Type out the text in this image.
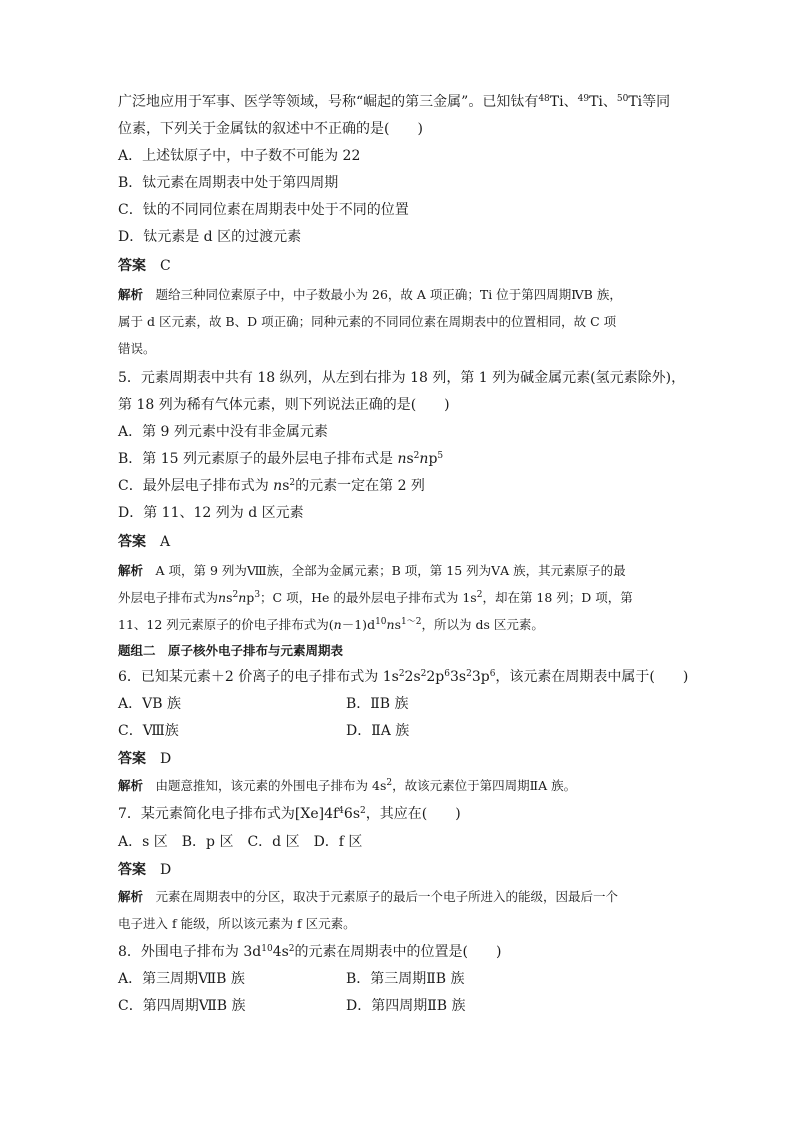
广泛地应用于军事、医学等领域，号称“崛起的第三金属”。已知钛有$^{48}$Ti、$^{49}$Ti、$^{50}$Ti等同
位素，下列关于金属钛的叙述中不正确的是(　　)
A．上述钛原子中，中子数不可能为 22
B．钛元素在周期表中处于第四周期
C．钛的不同同位素在周期表中处于不同的位置
D．钛元素是 d 区的过渡元素
答案　 C
解析　 题给三种同位素原子中，中子数最小为 26，故 A 项正确；Ti 位于第四周期ⅣB 族，
属于 d 区元素，故 B、D 项正确；同种元素的不同同位素在周期表中的位置相同，故 C 项
错误。
5．元素周期表中共有 18 纵列，从左到右排为 18 列，第 1 列为碱金属元素(氢元素除外)，
第 18 列为稀有气体元素，则下列说法正确的是(　　)
A．第 9 列元素中没有非金属元素
B．第 15 列元素原子的最外层电子排布式是 $ns^2np^5$
C．最外层电子排布式为 $ns^2$的元素一定在第 2 列
D．第 11、12 列为 d 区元素
答案　 A
解析　 A 项，第 9 列为Ⅷ族，全部为金属元素；B 项，第 15 列为ⅤA 族，其元素原子的最
外层电子排布式为$ns^2np^3$；C 项，He 的最外层电子排布式为 $1s^2$，却在第 18 列；D 项，第
11、12 列元素原子的价电子排布式为$(n-1)d^{10}ns^{1\sim 2}$，所以为 ds 区元素。
题组二　原子核外电子排布与元素周期表
6．已知某元素＋2 价离子的电子排布式为 $1s^22s^22p^63s^23p^6$，该元素在周期表中属于(　　)
A．ⅤB 族	B．ⅡB 族
C．Ⅷ族	D．ⅡA 族
答案　 D
解析　 由题意推知，该元素的外围电子排布为 $4s^2$，故该元素位于第四周期ⅡA 族。
7．某元素简化电子排布式为$[Xe]4f^46s^2$，其应在(　　)
A．s 区　B．p 区　C．d 区　D．f 区
答案　 D
解析　 元素在周期表中的分区，取决于元素原子的最后一个电子所进入的能级，因最后一个
电子进入 f 能级，所以该元素为 f 区元素。
8．外围电子排布为 $3d^{10}4s^2$的元素在周期表中的位置是(　　)
A．第三周期ⅦB 族	B．第三周期ⅡB 族
C．第四周期ⅦB 族	D．第四周期ⅡB 族
